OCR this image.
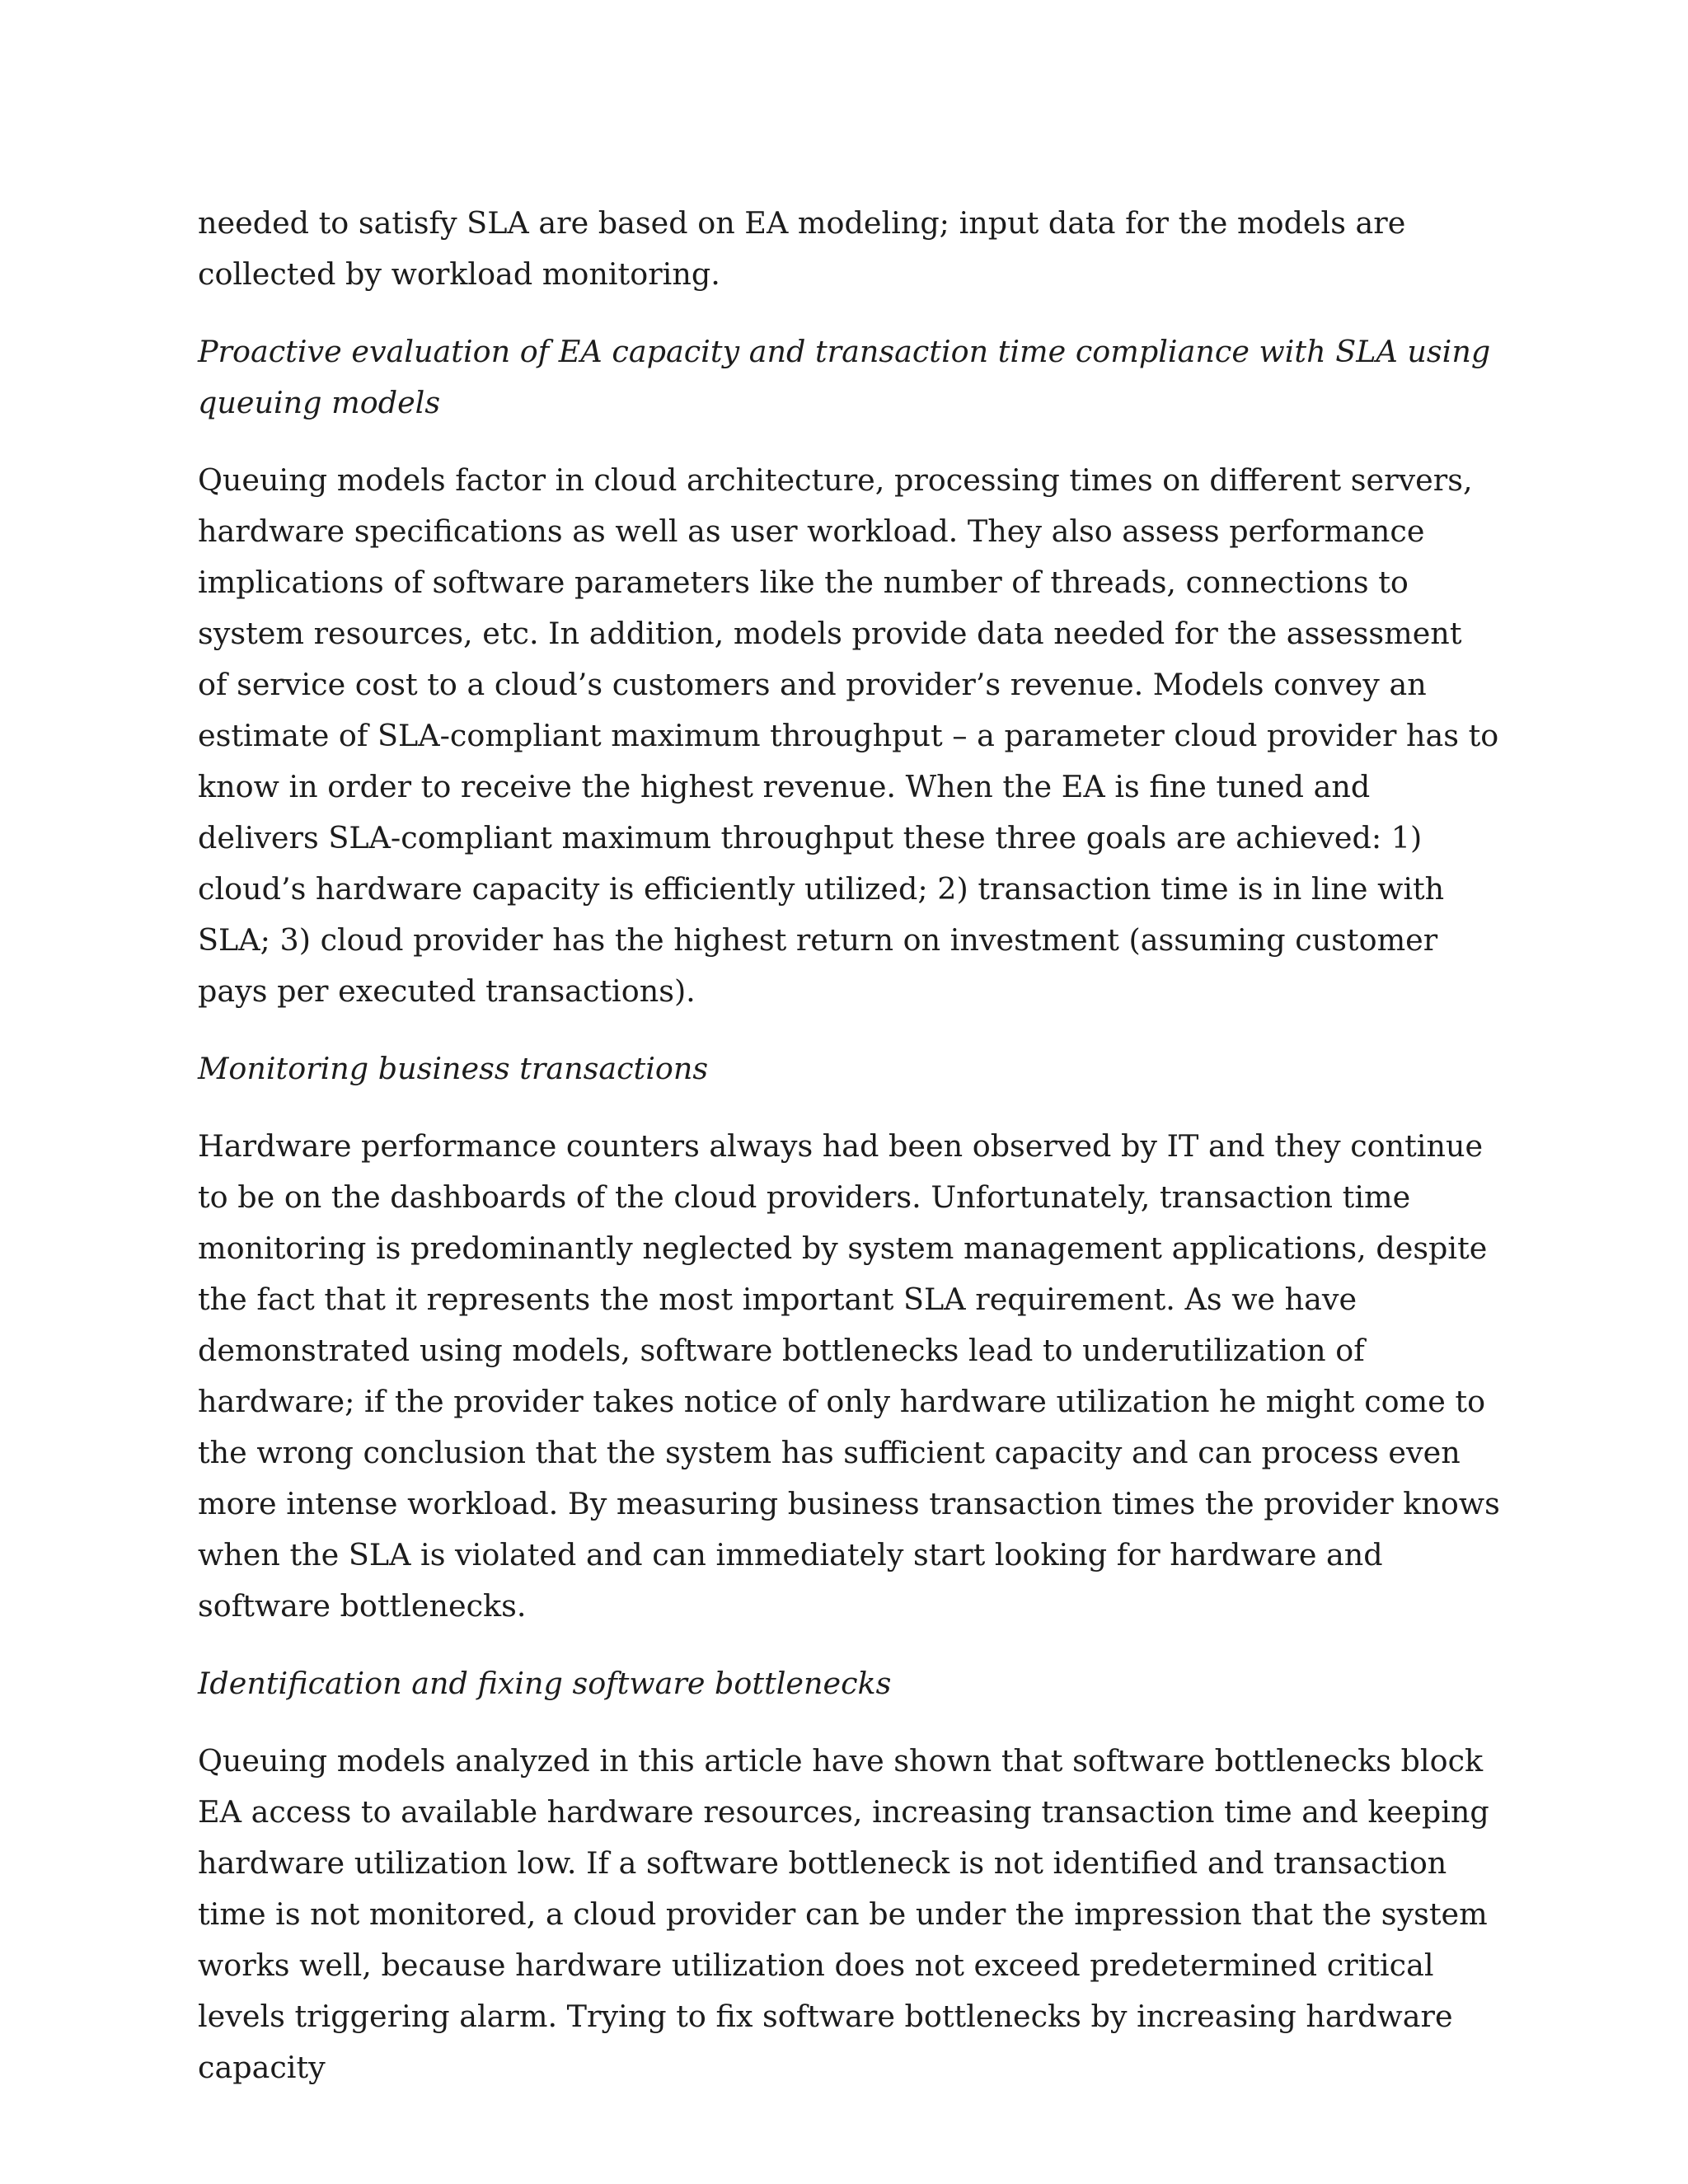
needed to satisfy SLA are based on EA modeling; input data for the models are collected by workload monitoring.

Proactive evaluation of EA capacity and transaction time compliance with SLA using queuing models

Queuing models factor in cloud architecture, processing times on different servers, hardware specifications as well as user workload. They also assess performance implications of software parameters like the number of threads, connections to system resources, etc. In addition, models provide data needed for the assessment of service cost to a cloud’s customers and provider’s revenue. Models convey an estimate of SLA-compliant maximum throughput – a parameter cloud provider has to know in order to receive the highest revenue. When the EA is fine tuned and delivers SLA-compliant maximum throughput these three goals are achieved: 1) cloud’s hardware capacity is efficiently utilized; 2) transaction time is in line with SLA; 3) cloud provider has the highest return on investment (assuming customer pays per executed transactions).

Monitoring business transactions

Hardware performance counters always had been observed by IT and they continue to be on the dashboards of the cloud providers. Unfortunately, transaction time monitoring is predominantly neglected by system management applications, despite the fact that it represents the most important SLA requirement. As we have demonstrated using models, software bottlenecks lead to underutilization of hardware; if the provider takes notice of only hardware utilization he might come to the wrong conclusion that the system has sufficient capacity and can process even more intense workload. By measuring business transaction times the provider knows when the SLA is violated and can immediately start looking for hardware and software bottlenecks.

Identification and fixing software bottlenecks

Queuing models analyzed in this article have shown that software bottlenecks block EA access to available hardware resources, increasing transaction time and keeping hardware utilization low. If a software bottleneck is not identified and transaction time is not monitored, a cloud provider can be under the impression that the system works well, because hardware utilization does not exceed predetermined critical levels triggering alarm. Trying to fix software bottlenecks by increasing hardware capacity
